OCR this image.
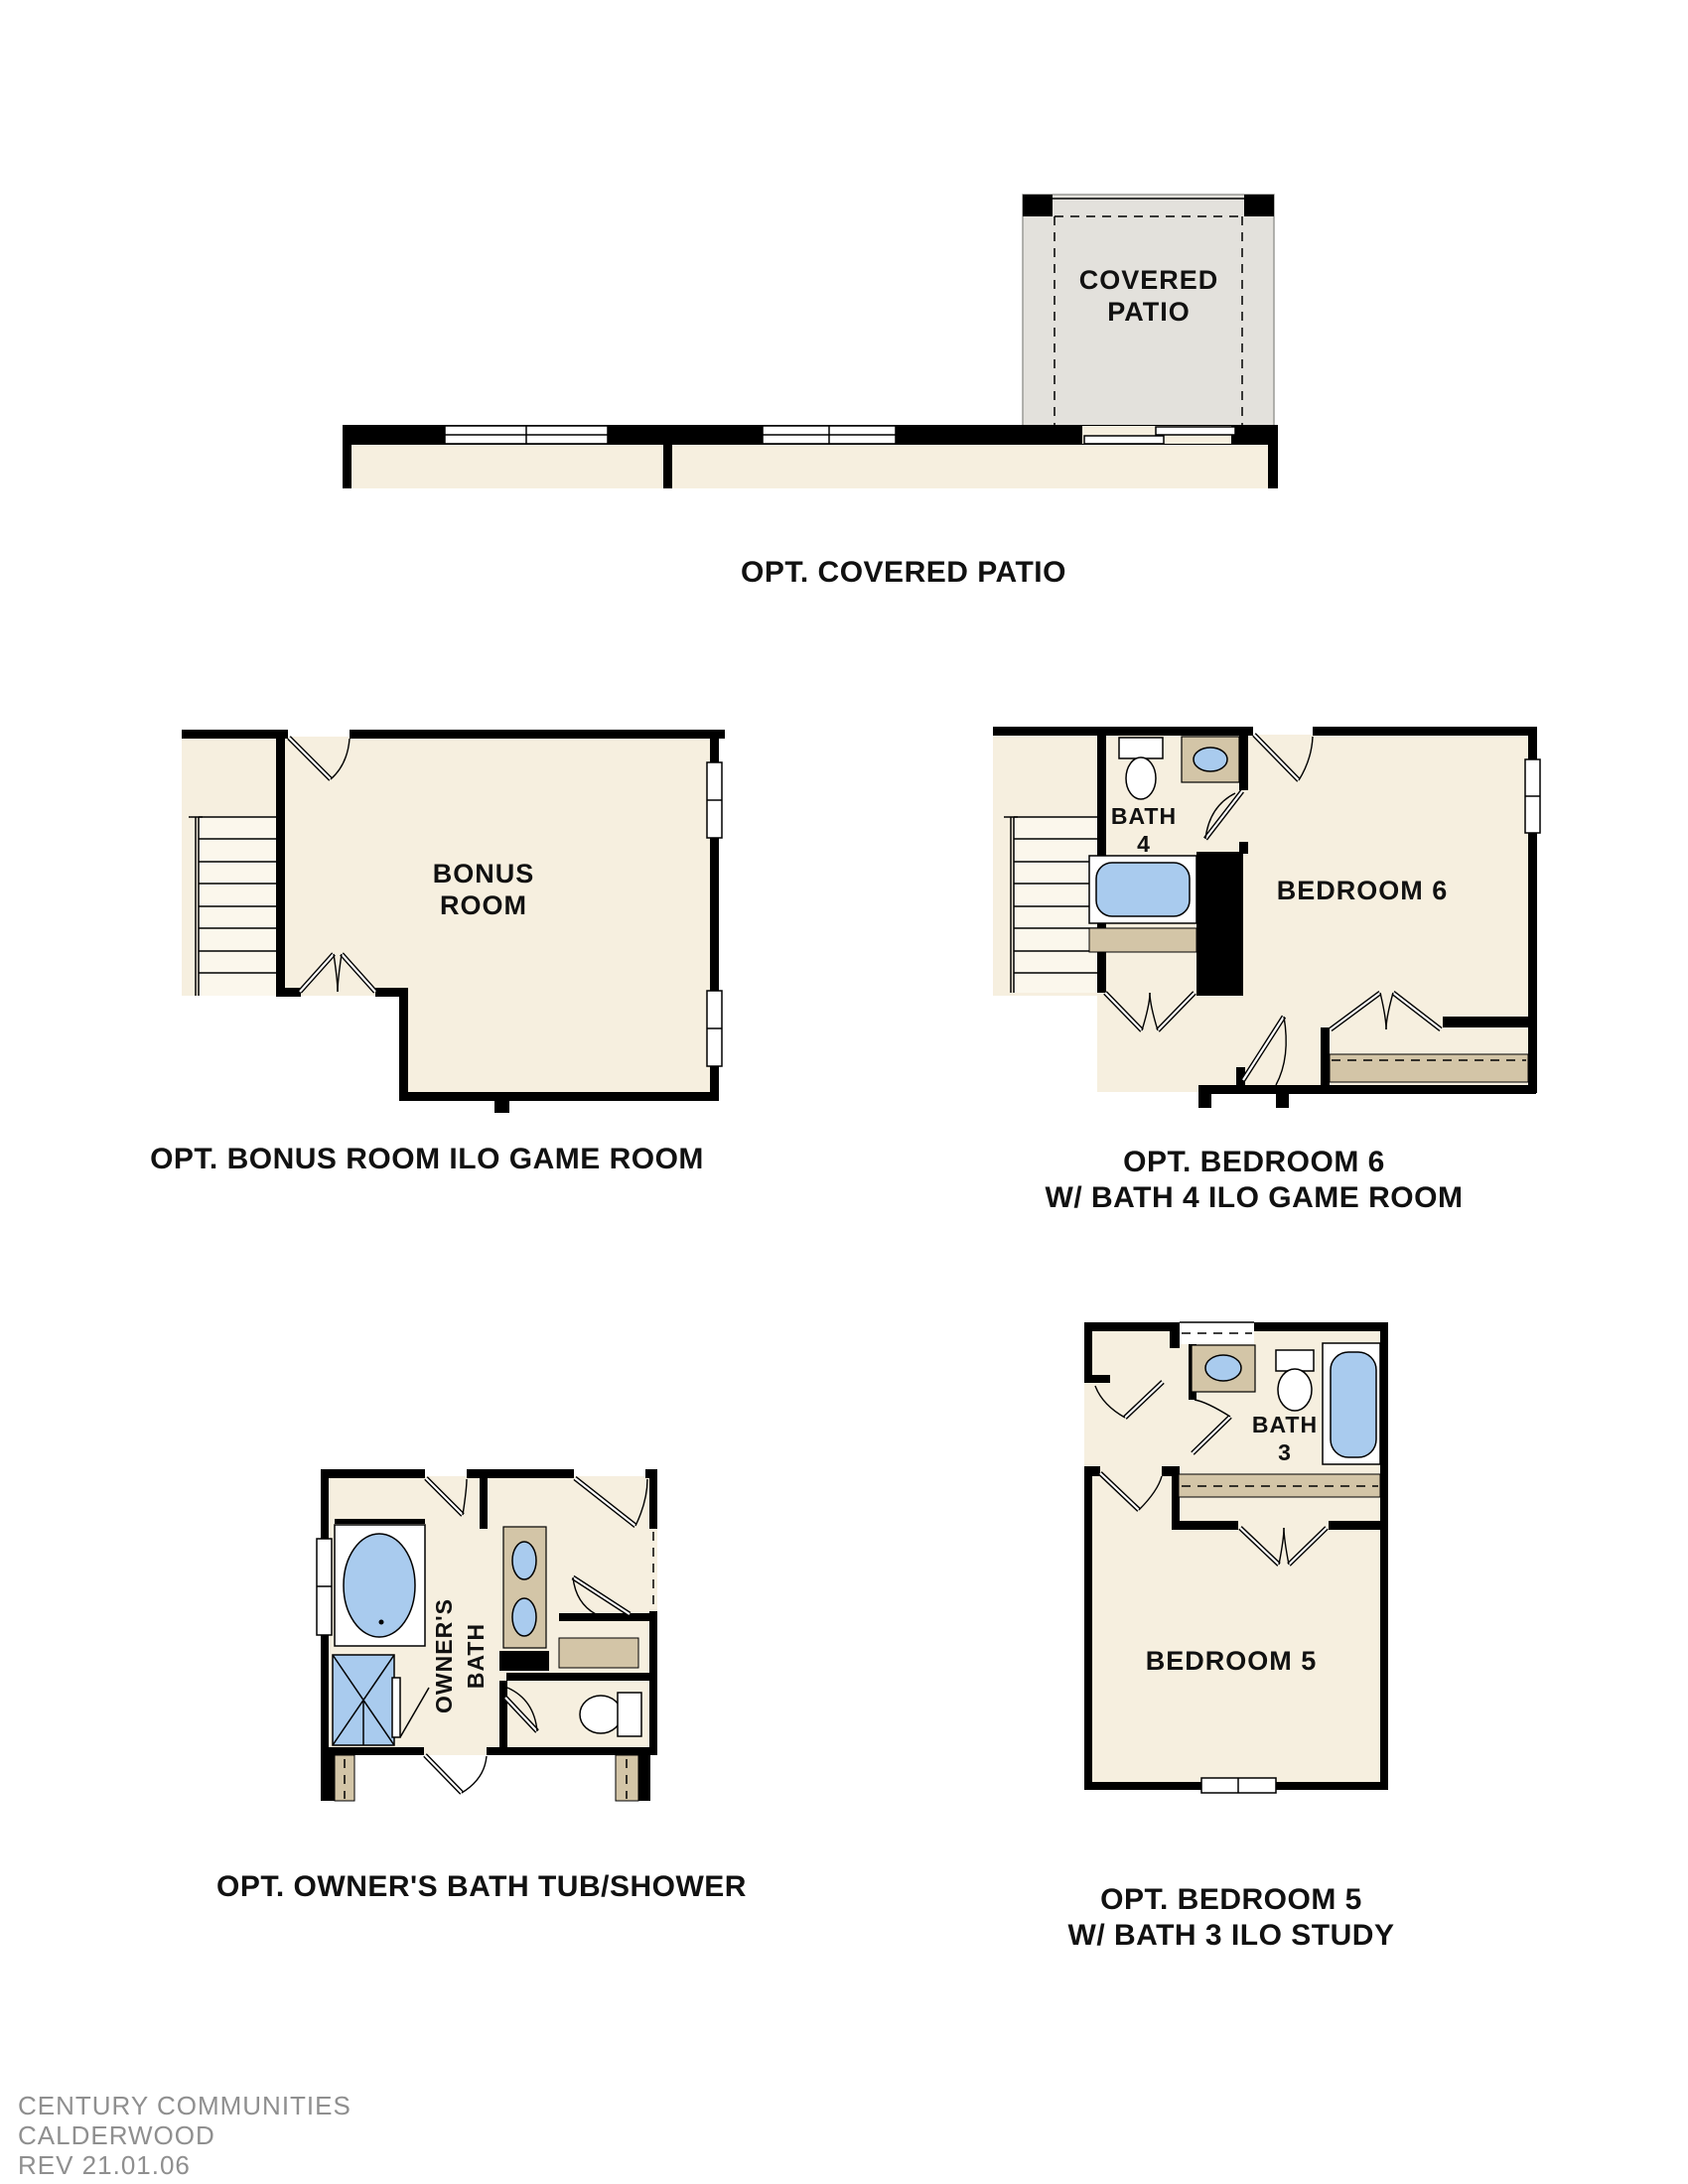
COVERED
PATIO
OPT. COVERED PATIO
BONUS
ROOM
OPT. BONUS ROOM ILO GAME ROOM
BEDROOM 6
BATH
4
OPT. BEDROOM 6
W/ BATH 4 ILO GAME ROOM
OWNER'S BATH
OPT. OWNER'S BATH TUB/SHOWER
BATH
3
BEDROOM 5
OPT. BEDROOM 5
W/ BATH 3 ILO STUDY
CENTURY COMMUNITIES
CALDERWOOD
REV 21.01.06
